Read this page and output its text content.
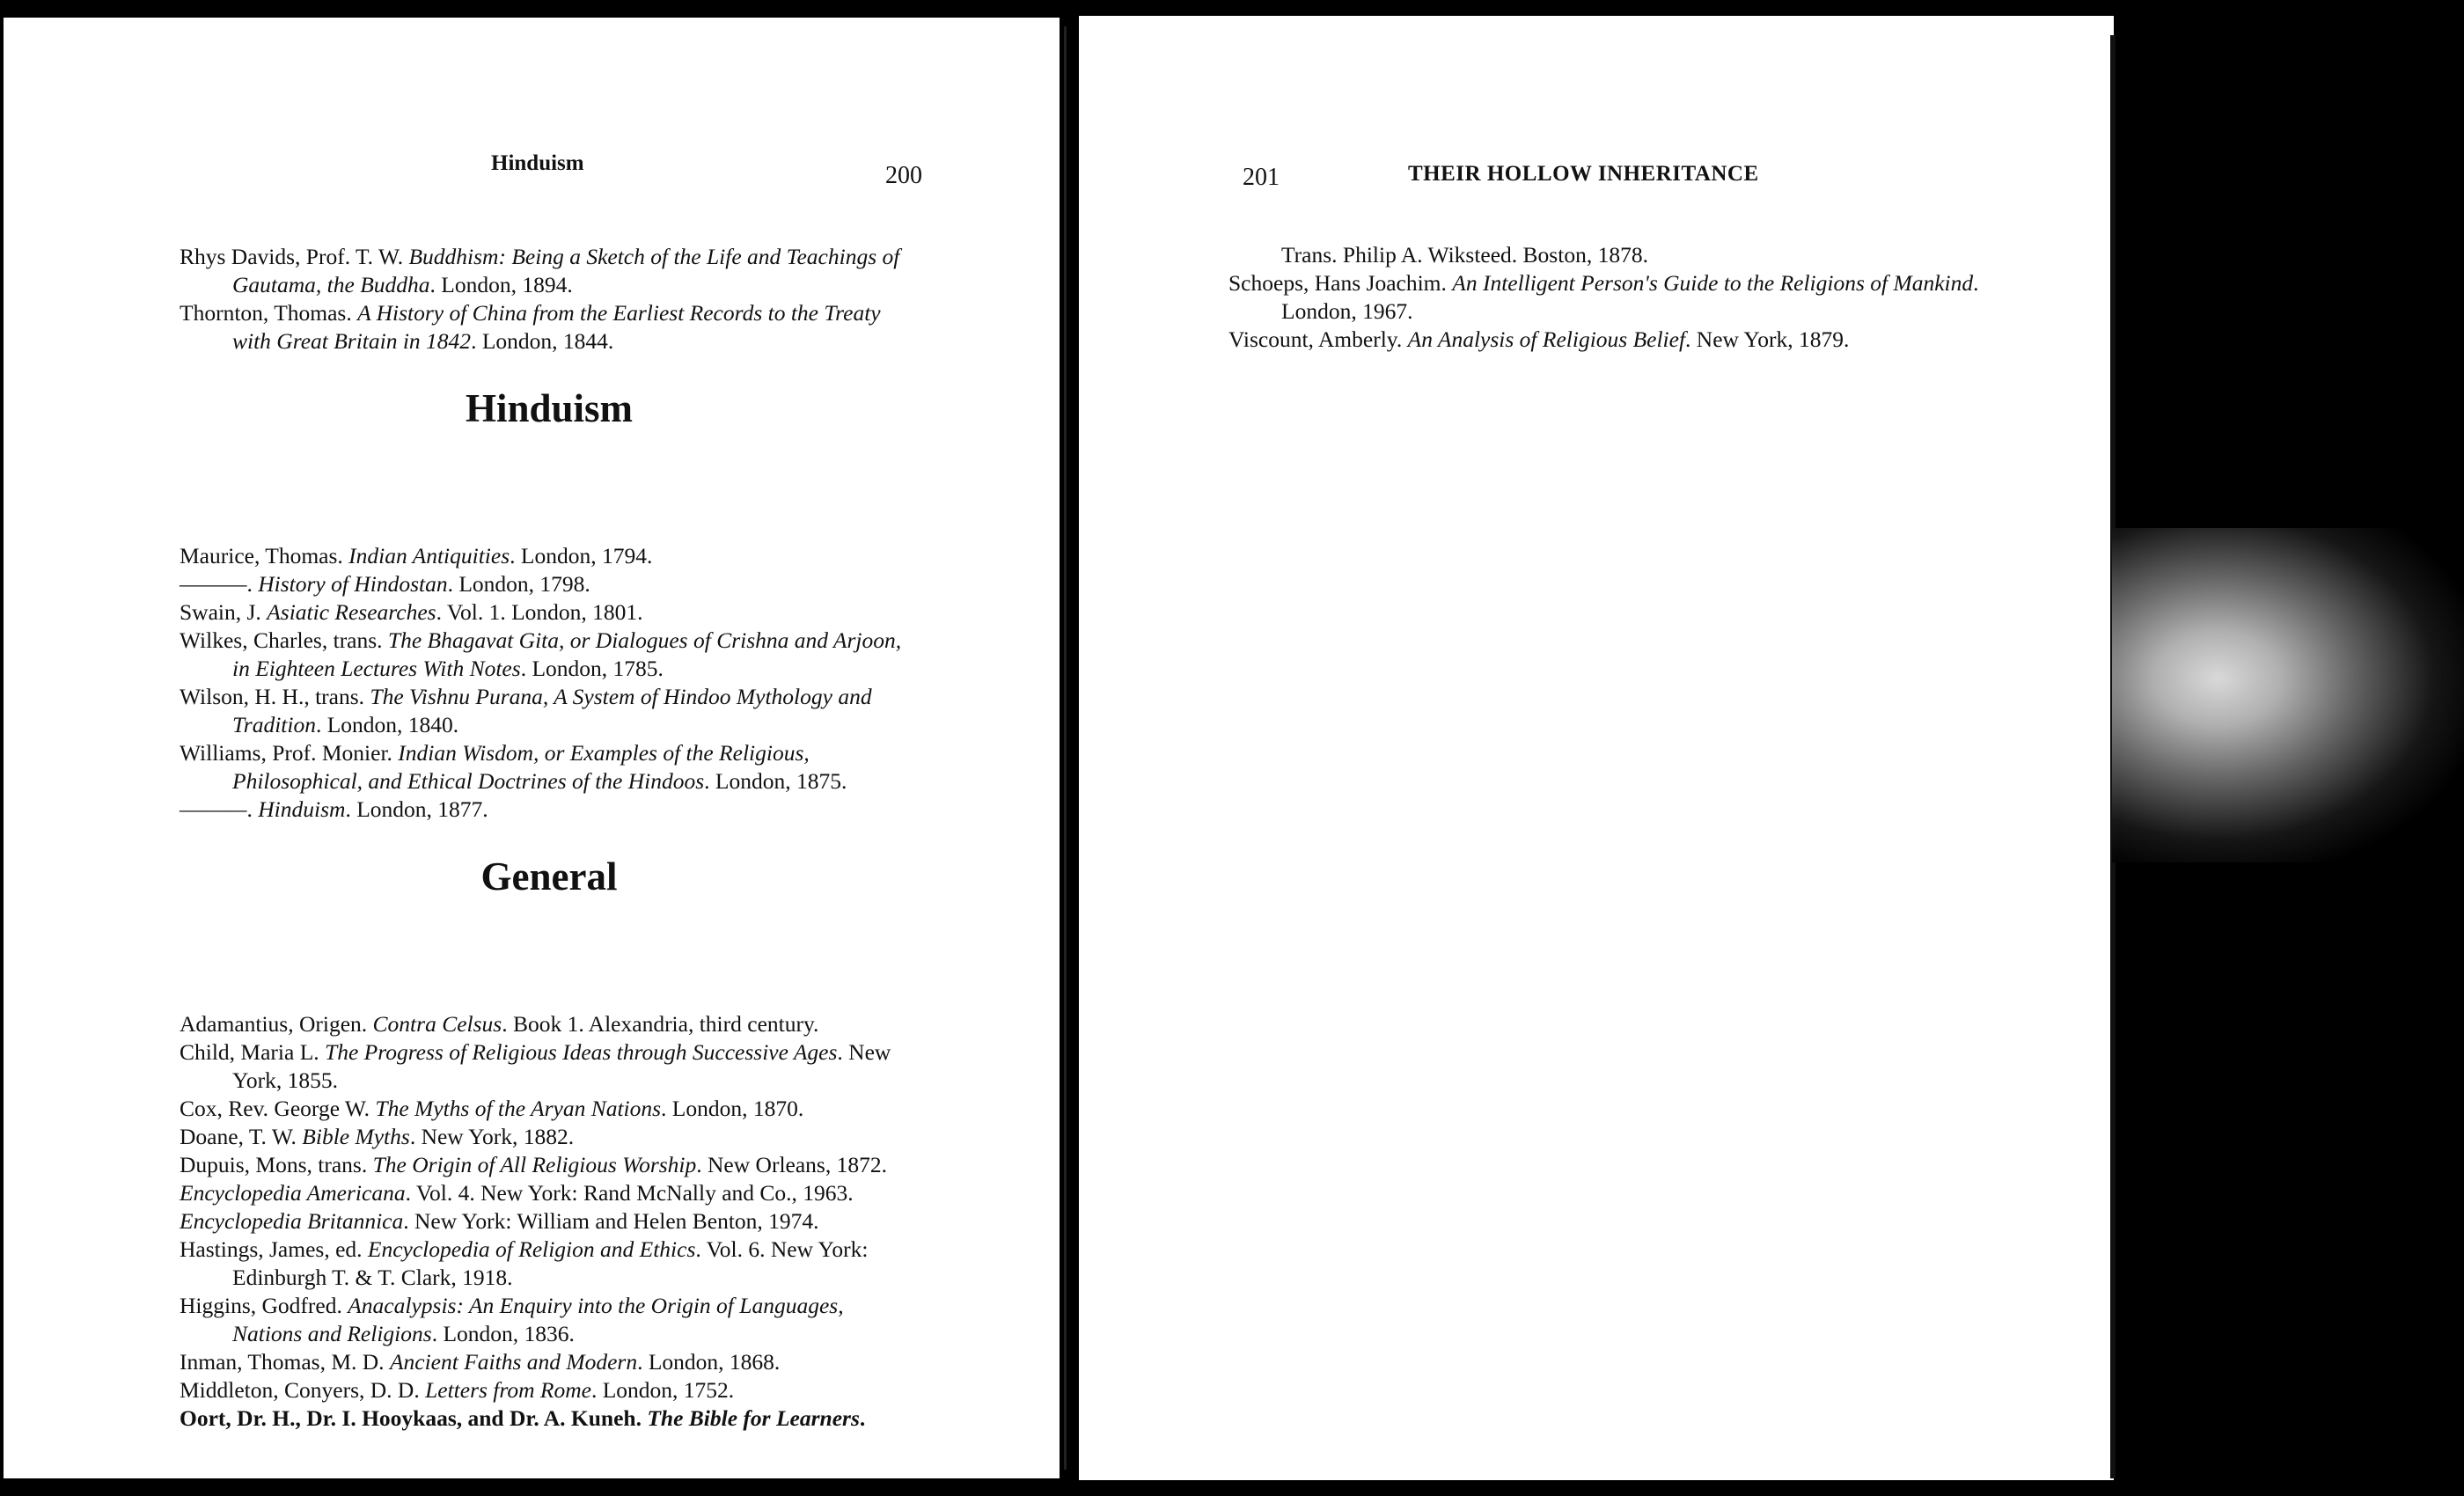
Hinduism	200

Rhys Davids, Prof. T. W. Buddhism: Being a Sketch of the Life and Teachings of Gautama, the Buddha. London, 1894.

Thornton, Thomas. A History of China from the Earliest Records to the Treaty with Great Britain in 1842. London, 1844.

Hinduism

Maurice, Thomas. Indian Antiquities. London, 1794.

———. History of Hindostan. London, 1798.

Swain, J. Asiatic Researches. Vol. 1. London, 1801.

Wilkes, Charles, trans. The Bhagavat Gita, or Dialogues of Crishna and Arjoon, in Eighteen Lectures With Notes. London, 1785.

Wilson, H. H., trans. The Vishnu Purana, A System of Hindoo Mythology and Tradition. London, 1840.

Williams, Prof. Monier. Indian Wisdom, or Examples of the Religious, Philosophical, and Ethical Doctrines of the Hindoos. London, 1875.

———. Hinduism. London, 1877.

General

Adamantius, Origen. Contra Celsus. Book 1. Alexandria, third century.

Child, Maria L. The Progress of Religious Ideas through Successive Ages. New York, 1855.

Cox, Rev. George W. The Myths of the Aryan Nations. London, 1870.

Doane, T. W. Bible Myths. New York, 1882.

Dupuis, Mons, trans. The Origin of All Religious Worship. New Orleans, 1872.

Encyclopedia Americana. Vol. 4. New York: Rand McNally and Co., 1963.

Encyclopedia Britannica. New York: William and Helen Benton, 1974.

Hastings, James, ed. Encyclopedia of Religion and Ethics. Vol. 6. New York: Edinburgh T. & T. Clark, 1918.

Higgins, Godfred. Anacalypsis: An Enquiry into the Origin of Languages, Nations and Religions. London, 1836.

Inman, Thomas, M. D. Ancient Faiths and Modern. London, 1868.

Middleton, Conyers, D. D. Letters from Rome. London, 1752.

Oort, Dr. H., Dr. I. Hooykaas, and Dr. A. Kuneh. The Bible for Learners.

201	THEIR HOLLOW INHERITANCE

Trans. Philip A. Wiksteed. Boston, 1878.

Schoeps, Hans Joachim. An Intelligent Person's Guide to the Religions of Mankind. London, 1967.

Viscount, Amberly. An Analysis of Religious Belief. New York, 1879.
